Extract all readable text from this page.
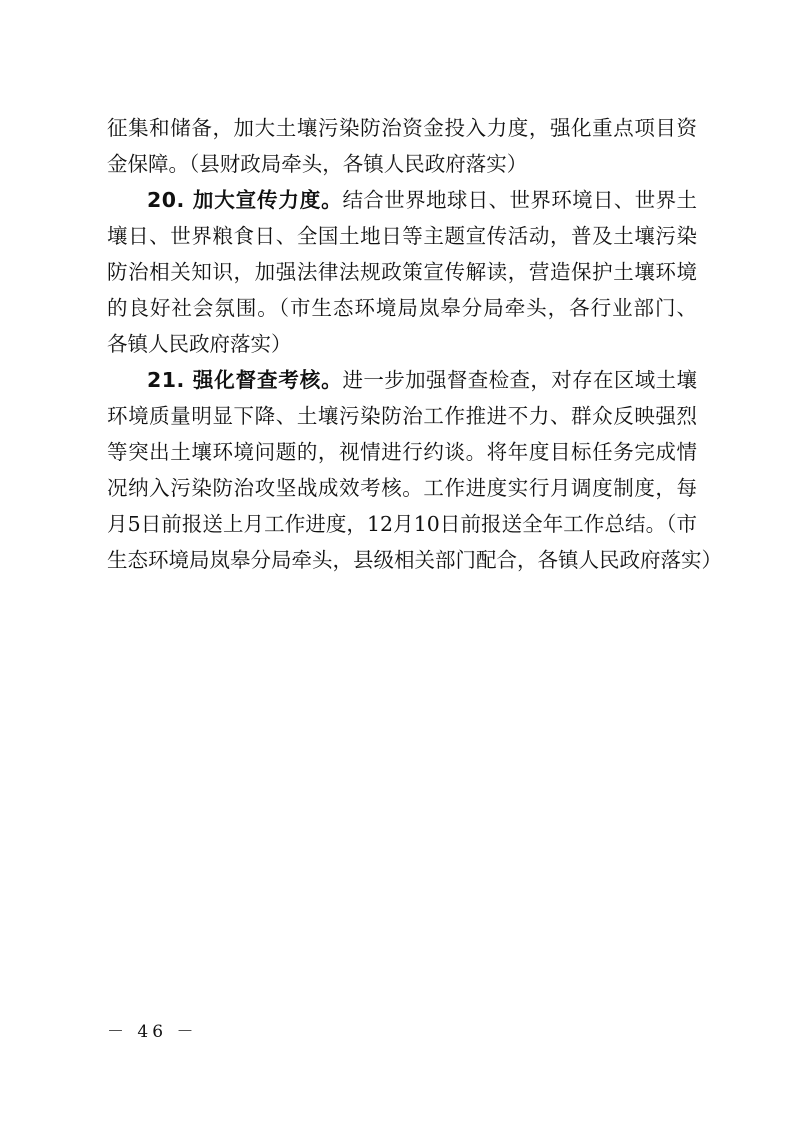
征集和储备，加大土壤污染防治资金投入力度，强化重点项目资
金保障。（县财政局牵头，各镇人民政府落实）
20. 加大宣传力度。结合世界地球日、世界环境日、世界土
壤日、世界粮食日、全国土地日等主题宣传活动，普及土壤污染
防治相关知识，加强法律法规政策宣传解读，营造保护土壤环境
的良好社会氛围。（市生态环境局岚皋分局牵头，各行业部门、
各镇人民政府落实）
21. 强化督查考核。进一步加强督查检查，对存在区域土壤
环境质量明显下降、土壤污染防治工作推进不力、群众反映强烈
等突出土壤环境问题的，视情进行约谈。将年度目标任务完成情
况纳入污染防治攻坚战成效考核。工作进度实行月调度制度，每
月5日前报送上月工作进度，12月10日前报送全年工作总结。（市
生态环境局岚皋分局牵头，县级相关部门配合，各镇人民政府落实）
－ 46 －
